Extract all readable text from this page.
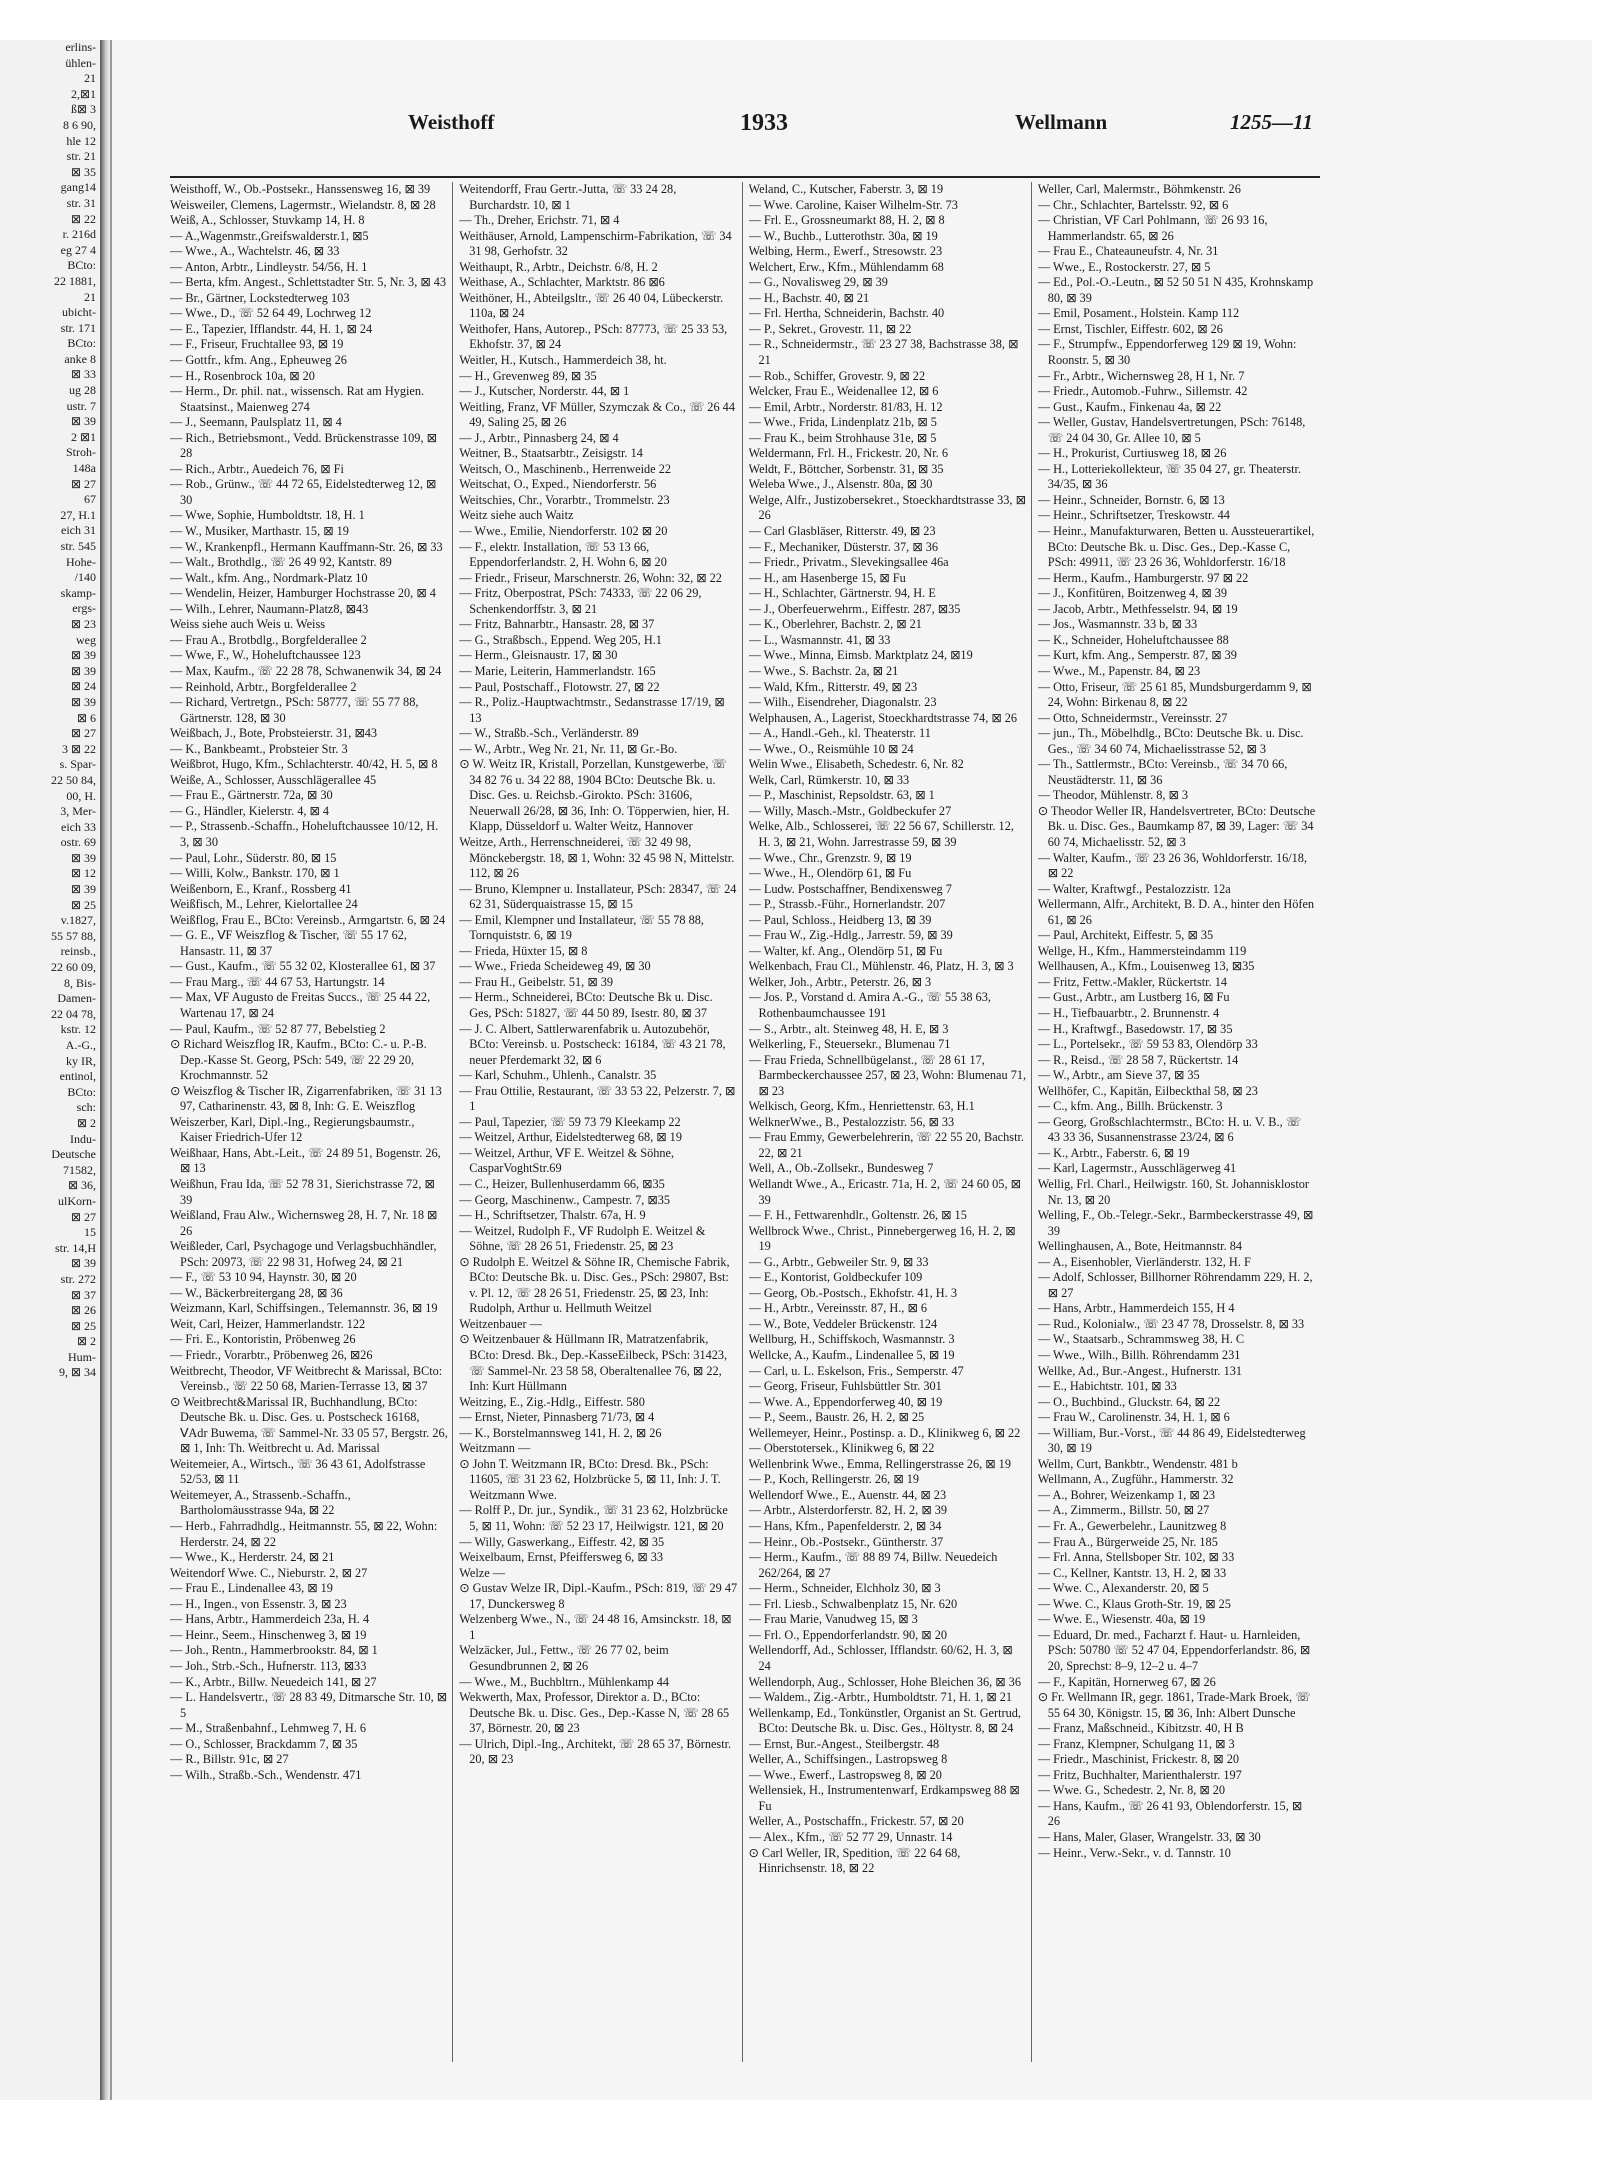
erlins-
ühlen-
21
2,⊠1
ß⊠ 3
8 6 90,
hle 12
str. 21
⊠ 35
gang14
str. 31
⊠ 22
r. 216d
eg 27 4
BCto:
22 1881,
21
ubicht-
str. 171
BCto:
anke 8
⊠ 33
ug 28
ustr. 7
⊠ 39
2 ⊠1
Stroh-
148a
⊠ 27
67
27, H.1
eich 31
str. 545
Hohe-
/140
skamp-
ergs-
⊠ 23
weg
⊠ 39
⊠ 39
⊠ 24
⊠ 39
⊠ 6
⊠ 27
3 ⊠ 22
s. Spar-
22 50 84,
00, H.
3, Mer-
eich 33
ostr. 69
⊠ 39
⊠ 12
⊠ 39
⊠ 25
v.1827,
55 57 88,
reinsb.,
22 60 09,
8, Bis-
Damen-
22 04 78,
kstr. 12
A.-G.,
ky IR,
entinol,
BCto:
sch:
⊠ 2
Indu-
Deutsche
71582,
⊠ 36,
ulKorn-
⊠ 27
15
str. 14,H
⊠ 39
str. 272
⊠ 37
⊠ 26
⊠ 25
⊠ 2
Hum-
9, ⊠ 34
Weisthoff	1933	Wellmann	1255—11

Weisthoff, W., Ob.-Postsekr., Hanssensweg 16, ⊠ 39

Weisweiler, Clemens, Lagermstr., Wielandstr. 8, ⊠ 28

Weiß, A., Schlosser, Stuvkamp 14, H. 8

— A.,Wagenmstr.,Greifswalderstr.1, ⊠5

— Wwe., A., Wachtelstr. 46, ⊠ 33

— Anton, Arbtr., Lindleystr. 54/56, H. 1

— Berta, kfm. Angest., Schlettstadter Str. 5, Nr. 3, ⊠ 43

— Br., Gärtner, Lockstedterweg 103

— Wwe., D., ☏ 52 64 49, Lochrweg 12

— E., Tapezier, Ifflandstr. 44, H. 1, ⊠ 24

— F., Friseur, Fruchtallee 93, ⊠ 19

— Gottfr., kfm. Ang., Epheuweg 26

— H., Rosenbrock 10a, ⊠ 20

— Herm., Dr. phil. nat., wissensch. Rat am Hygien. Staatsinst., Maienweg 274

— J., Seemann, Paulsplatz 11, ⊠ 4

— Rich., Betriebsmont., Vedd. Brückenstrasse 109, ⊠ 28

— Rich., Arbtr., Auedeich 76, ⊠ Fi

— Rob., Grünw., ☏ 44 72 65, Eidelstedterweg 12, ⊠ 30

— Wwe, Sophie, Humboldtstr. 18, H. 1

— W., Musiker, Marthastr. 15, ⊠ 19

— W., Krankenpfl., Hermann Kauffmann-Str. 26, ⊠ 33

— Walt., Brothdlg., ☏ 26 49 92, Kantstr. 89

— Walt., kfm. Ang., Nordmark-Platz 10

— Wendelin, Heizer, Hamburger Hochstrasse 20, ⊠ 4

— Wilh., Lehrer, Naumann-Platz8, ⊠43

Weiss siehe auch Weis u. Weiss

— Frau A., Brotbdlg., Borgfelderallee 2

— Wwe, F., W., Hoheluftchaussee 123

— Max, Kaufm., ☏ 22 28 78, Schwanenwik 34, ⊠ 24

— Reinhold, Arbtr., Borgfelderallee 2

— Richard, Vertretgn., PSch: 58777, ☏ 55 77 88, Gärtnerstr. 128, ⊠ 30

Weißbach, J., Bote, Probsteierstr. 31, ⊠43

— K., Bankbeamt., Probsteier Str. 3

Weißbrot, Hugo, Kfm., Schlachterstr. 40/42, H. 5, ⊠ 8

Weiße, A., Schlosser, Ausschlägerallee 45

— Frau E., Gärtnerstr. 72a, ⊠ 30

— G., Händler, Kielerstr. 4, ⊠ 4

— P., Strassenb.-Schaffn., Hoheluftchaussee 10/12, H. 3, ⊠ 30

— Paul, Lohr., Süderstr. 80, ⊠ 15

— Willi, Kolw., Bankstr. 170, ⊠ 1

Weißenborn, E., Kranf., Rossberg 41

Weißfisch, M., Lehrer, Kielortallee 24

Weißflog, Frau E., BCto: Vereinsb., Armgartstr. 6, ⊠ 24

— G. E., ⅤF Weiszflog & Tischer, ☏ 55 17 62, Hansastr. 11, ⊠ 37

— Gust., Kaufm., ☏ 55 32 02, Klosterallee 61, ⊠ 37

— Frau Marg., ☏ 44 67 53, Hartungstr. 14

— Max, ⅤF Augusto de Freitas Succs., ☏ 25 44 22, Wartenau 17, ⊠ 24

— Paul, Kaufm., ☏ 52 87 77, Bebelstieg 2

⊙ Richard Weiszflog IR, Kaufm., BCto: C.- u. P.-B. Dep.-Kasse St. Georg, PSch: 549, ☏ 22 29 20, Krochmannstr. 52

⊙ Weiszflog & Tischer IR, Zigarrenfabriken, ☏ 31 13 97, Catharinenstr. 43, ⊠ 8, Inh: G. E. Weiszflog

Weiszerber, Karl, Dipl.-Ing., Regierungsbaumstr., Kaiser Friedrich-Ufer 12

Weißhaar, Hans, Abt.-Leit., ☏ 24 89 51, Bogenstr. 26, ⊠ 13

Weißhun, Frau Ida, ☏ 52 78 31, Sierichstrasse 72, ⊠ 39

Weißland, Frau Alw., Wichernsweg 28, H. 7, Nr. 18 ⊠ 26

Weißleder, Carl, Psychagoge und Verlagsbuchhändler, PSch: 20973, ☏ 22 98 31, Hofweg 24, ⊠ 21

— F., ☏ 53 10 94, Haynstr. 30, ⊠ 20

— W., Bäckerbreitergang 28, ⊠ 36

Weizmann, Karl, Schiffsingen., Telemannstr. 36, ⊠ 19

Weit, Carl, Heizer, Hammerlandstr. 122

— Fri. E., Kontoristin, Pröbenweg 26

— Friedr., Vorarbtr., Pröbenweg 26, ⊠26

Weitbrecht, Theodor, ⅤF Weitbrecht & Marissal, BCto: Vereinsb., ☏ 22 50 68, Marien-Terrasse 13, ⊠ 37

⊙ Weitbrecht&Marissal IR, Buchhandlung, BCto: Deutsche Bk. u. Disc. Ges. u. Postscheck 16168, ⅤAdr Buwema, ☏ Sammel-Nr. 33 05 57, Bergstr. 26, ⊠ 1, Inh: Th. Weitbrecht u. Ad. Marissal

Weitemeier, A., Wirtsch., ☏ 36 43 61, Adolfstrasse 52/53, ⊠ 11

Weitemeyer, A., Strassenb.-Schaffn., Bartholomäusstrasse 94a, ⊠ 22

— Herb., Fahrradhdlg., Heitmannstr. 55, ⊠ 22, Wohn: Herderstr. 24, ⊠ 22

— Wwe., K., Herderstr. 24, ⊠ 21

Weitendorf Wwe. C., Nieburstr. 2, ⊠ 27

— Frau E., Lindenallee 43, ⊠ 19

— H., Ingen., von Essenstr. 3, ⊠ 23

— Hans, Arbtr., Hammerdeich 23a, H. 4

— Heinr., Seem., Hinschenweg 3, ⊠ 19

— Joh., Rentn., Hammerbrookstr. 84, ⊠ 1

— Joh., Strb.-Sch., Hufnerstr. 113, ⊠33

— K., Arbtr., Billw. Neuedeich 141, ⊠ 27

— L. Handelsvertr., ☏ 28 83 49, Ditmarsche Str. 10, ⊠ 5

— M., Straßenbahnf., Lehmweg 7, H. 6

— O., Schlosser, Brackdamm 7, ⊠ 35

— R., Billstr. 91c, ⊠ 27

— Wilh., Straßb.-Sch., Wendenstr. 471

Weitendorff, Frau Gertr.-Jutta, ☏ 33 24 28, Burchardstr. 10, ⊠ 1

— Th., Dreher, Erichstr. 71, ⊠ 4

Weithäuser, Arnold, Lampenschirm-Fabrikation, ☏ 34 31 98, Gerhofstr. 32

Weithaupt, R., Arbtr., Deichstr. 6/8, H. 2

Weithase, A., Schlachter, Marktstr. 86 ⊠6

Weithöner, H., Abteilgsltr., ☏ 26 40 04, Lübeckerstr. 110a, ⊠ 24

Weithofer, Hans, Autorep., PSch: 87773, ☏ 25 33 53, Ekhofstr. 37, ⊠ 24

Weitler, H., Kutsch., Hammerdeich 38, ht.

— H., Grevenweg 89, ⊠ 35

— J., Kutscher, Norderstr. 44, ⊠ 1

Weitling, Franz, ⅤF Müller, Szymczak & Co., ☏ 26 44 49, Saling 25, ⊠ 26

— J., Arbtr., Pinnasberg 24, ⊠ 4

Weitner, B., Staatsarbtr., Zeisigstr. 14

Weitsch, O., Maschinenb., Herrenweide 22

Weitschat, O., Exped., Niendorferstr. 56

Weitschies, Chr., Vorarbtr., Trommelstr. 23

Weitz siehe auch Waitz

— Wwe., Emilie, Niendorferstr. 102 ⊠ 20

— F., elektr. Installation, ☏ 53 13 66, Eppendorferlandstr. 2, H. Wohn 6, ⊠ 20

— Friedr., Friseur, Marschnerstr. 26, Wohn: 32, ⊠ 22

— Fritz, Oberpostrat, PSch: 74333, ☏ 22 06 29, Schenkendorffstr. 3, ⊠ 21

— Fritz, Bahnarbtr., Hansastr. 28, ⊠ 37

— G., Straßbsch., Eppend. Weg 205, H.1

— Herm., Gleisnaustr. 17, ⊠ 30

— Marie, Leiterin, Hammerlandstr. 165

— Paul, Postschaff., Flotowstr. 27, ⊠ 22

— R., Poliz.-Hauptwachtmstr., Sedanstrasse 17/19, ⊠ 13

— W., Straßb.-Sch., Verländerstr. 89

— W., Arbtr., Weg Nr. 21, Nr. 11, ⊠ Gr.-Bo.

⊙ W. Weitz IR, Kristall, Porzellan, Kunstgewerbe, ☏ 34 82 76 u. 34 22 88, 1904 BCto: Deutsche Bk. u. Disc. Ges. u. Reichsb.-Girokto. PSch: 31606, Neuerwall 26/28, ⊠ 36, Inh: O. Töpperwien, hier, H. Klapp, Düsseldorf u. Walter Weitz, Hannover

Weitze, Arth., Herrenschneiderei, ☏ 32 49 98, Mönckebergstr. 18, ⊠ 1, Wohn: 32 45 98 N, Mittelstr. 112, ⊠ 26

— Bruno, Klempner u. Installateur, PSch: 28347, ☏ 24 62 31, Süderquaistrasse 15, ⊠ 15

— Emil, Klempner und Installateur, ☏ 55 78 88, Tornquiststr. 6, ⊠ 19

— Frieda, Hüxter 15, ⊠ 8

— Wwe., Frieda Scheideweg 49, ⊠ 30

— Frau H., Geibelstr. 51, ⊠ 39

— Herm., Schneiderei, BCto: Deutsche Bk u. Disc. Ges, PSch: 51827, ☏ 44 50 89, Isestr. 80, ⊠ 37

— J. C. Albert, Sattlerwarenfabrik u. Autozubehör, BCto: Vereinsb. u. Postscheck: 16184, ☏ 43 21 78, neuer Pferdemarkt 32, ⊠ 6

— Karl, Schuhm., Uhlenh., Canalstr. 35

— Frau Ottilie, Restaurant, ☏ 33 53 22, Pelzerstr. 7, ⊠ 1

— Paul, Tapezier, ☏ 59 73 79 Kleekamp 22

— Weitzel, Arthur, Eidelstedterweg 68, ⊠ 19

— Weitzel, Arthur, ⅤF E. Weitzel & Söhne, CasparVoghtStr.69

— C., Heizer, Bullenhuserdamm 66, ⊠35

— Georg, Maschinenw., Campestr. 7, ⊠35

— H., Schriftsetzer, Thalstr. 67a, H. 9

— Weitzel, Rudolph F., ⅤF Rudolph E. Weitzel & Söhne, ☏ 28 26 51, Friedenstr. 25, ⊠ 23

⊙ Rudolph E. Weitzel & Söhne IR, Chemische Fabrik, BCto: Deutsche Bk. u. Disc. Ges., PSch: 29807, Bst: v. Pl. 12, ☏ 28 26 51, Friedenstr. 25, ⊠ 23, Inh: Rudolph, Arthur u. Hellmuth Weitzel

Weitzenbauer —

⊙ Weitzenbauer & Hüllmann IR, Matratzenfabrik, BCto: Dresd. Bk., Dep.-KasseEilbeck, PSch: 31423, ☏ Sammel-Nr. 23 58 58, Oberaltenallee 76, ⊠ 22, Inh: Kurt Hüllmann

Weitzing, E., Zig.-Hdlg., Eiffestr. 580

— Ernst, Nieter, Pinnasberg 71/73, ⊠ 4

— K., Borstelmannsweg 141, H. 2, ⊠ 26

Weitzmann —

⊙ John T. Weitzmann IR, BCto: Dresd. Bk., PSch: 11605, ☏ 31 23 62, Holzbrücke 5, ⊠ 11, Inh: J. T. Weitzmann Wwe.

— Rolff P., Dr. jur., Syndik., ☏ 31 23 62, Holzbrücke 5, ⊠ 11, Wohn: ☏ 52 23 17, Heilwigstr. 121, ⊠ 20

— Willy, Gaswerkang., Eiffestr. 42, ⊠ 35

Weixelbaum, Ernst, Pfeiffersweg 6, ⊠ 33

Welze —

⊙ Gustav Welze IR, Dipl.-Kaufm., PSch: 819, ☏ 29 47 17, Dunckersweg 8

Welzenberg Wwe., N., ☏ 24 48 16, Amsinckstr. 18, ⊠ 1

Welzäcker, Jul., Fettw., ☏ 26 77 02, beim Gesundbrunnen 2, ⊠ 26

— Wwe., M., Buchbltrn., Mühlenkamp 44

Wekwerth, Max, Professor, Direktor a. D., BCto: Deutsche Bk. u. Disc. Ges., Dep.-Kasse N, ☏ 28 65 37, Börnestr. 20, ⊠ 23

— Ulrich, Dipl.-Ing., Architekt, ☏ 28 65 37, Börnestr. 20, ⊠ 23

Weland, C., Kutscher, Faberstr. 3, ⊠ 19

— Wwe. Caroline, Kaiser Wilhelm-Str. 73

— Frl. E., Grossneumarkt 88, H. 2, ⊠ 8

— W., Buchb., Lutterothstr. 30a, ⊠ 19

Welbing, Herm., Ewerf., Stresowstr. 23

Welchert, Erw., Kfm., Mühlendamm 68

— G., Novalisweg 29, ⊠ 39

— H., Bachstr. 40, ⊠ 21

— Frl. Hertha, Schneiderin, Bachstr. 40

— P., Sekret., Grovestr. 11, ⊠ 22

— R., Schneidermstr., ☏ 23 27 38, Bachstrasse 38, ⊠ 21

— Rob., Schiffer, Grovestr. 9, ⊠ 22

Welcker, Frau E., Weidenallee 12, ⊠ 6

— Emil, Arbtr., Norderstr. 81/83, H. 12

— Wwe., Frida, Lindenplatz 21b, ⊠ 5

— Frau K., beim Strohhause 31e, ⊠ 5

Weldermann, Frl. H., Frickestr. 20, Nr. 6

Weldt, F., Böttcher, Sorbenstr. 31, ⊠ 35

Weleba Wwe., J., Alsenstr. 80a, ⊠ 30

Welge, Alfr., Justizobersekret., Stoeckhardtstrasse 33, ⊠ 26

— Carl Glasbläser, Ritterstr. 49, ⊠ 23

— F., Mechaniker, Düsterstr. 37, ⊠ 36

— Friedr., Privatm., Slevekingsallee 46a

— H., am Hasenberge 15, ⊠ Fu

— H., Schlachter, Gärtnerstr. 94, H. E

— J., Oberfeuerwehrm., Eiffestr. 287, ⊠35

— K., Oberlehrer, Bachstr. 2, ⊠ 21

— L., Wasmannstr. 41, ⊠ 33

— Wwe., Minna, Eimsb. Marktplatz 24, ⊠19

— Wwe., S. Bachstr. 2a, ⊠ 21

— Wald, Kfm., Ritterstr. 49, ⊠ 23

— Wilh., Eisendreher, Diagonalstr. 23

Welphausen, A., Lagerist, Stoeckhardtstrasse 74, ⊠ 26

— A., Handl.-Geh., kl. Theaterstr. 11

— Wwe., O., Reismühle 10 ⊠ 24

Welin Wwe., Elisabeth, Schedestr. 6, Nr. 82

Welk, Carl, Rümkerstr. 10, ⊠ 33

— P., Maschinist, Repsoldstr. 63, ⊠ 1

— Willy, Masch.-Mstr., Goldbeckufer 27

Welke, Alb., Schlosserei, ☏ 22 56 67, Schillerstr. 12, H. 3, ⊠ 21, Wohn. Jarrestrasse 59, ⊠ 39

— Wwe., Chr., Grenzstr. 9, ⊠ 19

— Wwe., H., Olendörp 61, ⊠ Fu

— Ludw. Postschaffner, Bendixensweg 7

— P., Strassb.-Führ., Hornerlandstr. 207

— Paul, Schloss., Heidberg 13, ⊠ 39

— Frau W., Zig.-Hdlg., Jarrestr. 59, ⊠ 39

— Walter, kf. Ang., Olendörp 51, ⊠ Fu

Welkenbach, Frau Cl., Mühlenstr. 46, Platz, H. 3, ⊠ 3

Welker, Joh., Arbtr., Peterstr. 26, ⊠ 3

— Jos. P., Vorstand d. Amira A.-G., ☏ 55 38 63, Rothenbaumchaussee 191

— S., Arbtr., alt. Steinweg 48, H. E, ⊠ 3

Welkerling, F., Steuersekr., Blumenau 71

— Frau Frieda, Schnellbügelanst., ☏ 28 61 17, Barmbeckerchaussee 257, ⊠ 23, Wohn: Blumenau 71, ⊠ 23

Welkisch, Georg, Kfm., Henriettenstr. 63, H.1

WelknerWwe., B., Pestalozzistr. 56, ⊠ 33

— Frau Emmy, Gewerbelehrerin, ☏ 22 55 20, Bachstr. 22, ⊠ 21

Well, A., Ob.-Zollsekr., Bundesweg 7

Wellandt Wwe., A., Ericastr. 71a, H. 2, ☏ 24 60 05, ⊠ 39

— F. H., Fettwarenhdlr., Goltenstr. 26, ⊠ 15

Wellbrock Wwe., Christ., Pinnebergerweg 16, H. 2, ⊠ 19

— G., Arbtr., Gebweiler Str. 9, ⊠ 33

— E., Kontorist, Goldbeckufer 109

— Georg, Ob.-Postsch., Ekhofstr. 41, H. 3

— H., Arbtr., Vereinsstr. 87, H., ⊠ 6

— W., Bote, Veddeler Brückenstr. 124

Wellburg, H., Schiffskoch, Wasmannstr. 3

Wellcke, A., Kaufm., Lindenallee 5, ⊠ 19

— Carl, u. L. Eskelson, Fris., Semperstr. 47

— Georg, Friseur, Fuhlsbüttler Str. 301

— Wwe. A., Eppendorferweg 40, ⊠ 19

— P., Seem., Baustr. 26, H. 2, ⊠ 25

Wellemeyer, Heinr., Postinsp. a. D., Klinikweg 6, ⊠ 22

— Oberstotersek., Klinikweg 6, ⊠ 22

Wellenbrink Wwe., Emma, Rellingerstrasse 26, ⊠ 19

— P., Koch, Rellingerstr. 26, ⊠ 19

Wellendorf Wwe., E., Auenstr. 44, ⊠ 23

— Arbtr., Alsterdorferstr. 82, H. 2, ⊠ 39

— Hans, Kfm., Papenfelderstr. 2, ⊠ 34

— Heinr., Ob.-Postsekr., Güntherstr. 37

— Herm., Kaufm., ☏ 88 89 74, Billw. Neuedeich 262/264, ⊠ 27

— Herm., Schneider, Elchholz 30, ⊠ 3

— Frl. Liesb., Schwalbenplatz 15, Nr. 620

— Frau Marie, Vanudweg 15, ⊠ 3

— Frl. O., Eppendorferlandstr. 90, ⊠ 20

Wellendorff, Ad., Schlosser, Ifflandstr. 60/62, H. 3, ⊠ 24

Wellendorph, Aug., Schlosser, Hohe Bleichen 36, ⊠ 36

— Waldem., Zig.-Arbtr., Humboldtstr. 71, H. 1, ⊠ 21

Wellenkamp, Ed., Tonkünstler, Organist an St. Gertrud, BCto: Deutsche Bk. u. Disc. Ges., Höltystr. 8, ⊠ 24

— Ernst, Bur.-Angest., Steilbergstr. 48

Weller, A., Schiffsingen., Lastropsweg 8

— Wwe., Ewerf., Lastropsweg 8, ⊠ 20

Wellensiek, H., Instrumentenwarf, Erdkampsweg 88 ⊠ Fu

Weller, A., Postschaffn., Frickestr. 57, ⊠ 20

— Alex., Kfm., ☏ 52 77 29, Unnastr. 14

⊙ Carl Weller, IR, Spedition, ☏ 22 64 68, Hinrichsenstr. 18, ⊠ 22

Weller, Carl, Malermstr., Böhmkenstr. 26

— Chr., Schlachter, Bartelsstr. 92, ⊠ 6

— Christian, ⅤF Carl Pohlmann, ☏ 26 93 16, Hammerlandstr. 65, ⊠ 26

— Frau E., Chateauneufstr. 4, Nr. 31

— Wwe., E., Rostockerstr. 27, ⊠ 5

— Ed., Pol.-O.-Leutn., ⊠ 52 50 51 N 435, Krohnskamp 80, ⊠ 39

— Emil, Posament., Holstein. Kamp 112

— Ernst, Tischler, Eiffestr. 602, ⊠ 26

— F., Strumpfw., Eppendorferweg 129 ⊠ 19, Wohn: Roonstr. 5, ⊠ 30

— Fr., Arbtr., Wichernsweg 28, H 1, Nr. 7

— Friedr., Automob.-Fuhrw., Sillemstr. 42

— Gust., Kaufm., Finkenau 4a, ⊠ 22

— Weller, Gustav, Handelsvertretungen, PSch: 76148, ☏ 24 04 30, Gr. Allee 10, ⊠ 5

— H., Prokurist, Curtiusweg 18, ⊠ 26

— H., Lotteriekollekteur, ☏ 35 04 27, gr. Theaterstr. 34/35, ⊠ 36

— Heinr., Schneider, Bornstr. 6, ⊠ 13

— Heinr., Schriftsetzer, Treskowstr. 44

— Heinr., Manufakturwaren, Betten u. Aussteuerartikel, BCto: Deutsche Bk. u. Disc. Ges., Dep.-Kasse C, PSch: 49911, ☏ 23 26 36, Wohldorferstr. 16/18

— Herm., Kaufm., Hamburgerstr. 97 ⊠ 22

— J., Konfitüren, Boitzenweg 4, ⊠ 39

— Jacob, Arbtr., Methfesselstr. 94, ⊠ 19

— Jos., Wasmannstr. 33 b, ⊠ 33

— K., Schneider, Hoheluftchaussee 88

— Kurt, kfm. Ang., Semperstr. 87, ⊠ 39

— Wwe., M., Papenstr. 84, ⊠ 23

— Otto, Friseur, ☏ 25 61 85, Mundsburgerdamm 9, ⊠ 24, Wohn: Birkenau 8, ⊠ 22

— Otto, Schneidermstr., Vereinsstr. 27

— jun., Th., Möbelhdlg., BCto: Deutsche Bk. u. Disc. Ges., ☏ 34 60 74, Michaelisstrasse 52, ⊠ 3

— Th., Sattlermstr., BCto: Vereinsb., ☏ 34 70 66, Neustädterstr. 11, ⊠ 36

— Theodor, Mühlenstr. 8, ⊠ 3

⊙ Theodor Weller IR, Handelsvertreter, BCto: Deutsche Bk. u. Disc. Ges., Baumkamp 87, ⊠ 39, Lager: ☏ 34 60 74, Michaelisstr. 52, ⊠ 3

— Walter, Kaufm., ☏ 23 26 36, Wohldorferstr. 16/18, ⊠ 22

— Walter, Kraftwgf., Pestalozzistr. 12a

Wellermann, Alfr., Architekt, B. D. A., hinter den Höfen 61, ⊠ 26

— Paul, Architekt, Eiffestr. 5, ⊠ 35

Wellge, H., Kfm., Hammersteindamm 119

Wellhausen, A., Kfm., Louisenweg 13, ⊠35

— Fritz, Fettw.-Makler, Rückertstr. 14

— Gust., Arbtr., am Lustberg 16, ⊠ Fu

— H., Tiefbauarbtr., 2. Brunnenstr. 4

— H., Kraftwgf., Basedowstr. 17, ⊠ 35

— L., Portelsekr., ☏ 59 53 83, Olendörp 33

— R., Reisd., ☏ 28 58 7, Rückertstr. 14

— W., Arbtr., am Sieve 37, ⊠ 35

Wellhöfer, C., Kapitän, Eilbeckthal 58, ⊠ 23

— C., kfm. Ang., Billh. Brückenstr. 3

— Georg, Großschlachtermstr., BCto: H. u. V. B., ☏ 43 33 36, Susannenstrasse 23/24, ⊠ 6

— K., Arbtr., Faberstr. 6, ⊠ 19

— Karl, Lagermstr., Ausschlägerweg 41

Wellig, Frl. Charl., Heilwigstr. 160, St. Johannisklostor Nr. 13, ⊠ 20

Welling, F., Ob.-Telegr.-Sekr., Barmbeckerstrasse 49, ⊠ 39

Wellinghausen, A., Bote, Heitmannstr. 84

— A., Eisenhobler, Vierländerstr. 132, H. F

— Adolf, Schlosser, Billhorner Röhrendamm 229, H. 2, ⊠ 27

— Hans, Arbtr., Hammerdeich 155, H 4

— Rud., Kolonialw., ☏ 23 47 78, Drosselstr. 8, ⊠ 33

— W., Staatsarb., Schrammsweg 38, H. C

— Wwe., Wilh., Billh. Röhrendamm 231

Wellke, Ad., Bur.-Angest., Hufnerstr. 131

— E., Habichtstr. 101, ⊠ 33

— O., Buchbind., Gluckstr. 64, ⊠ 22

— Frau W., Carolinenstr. 34, H. 1, ⊠ 6

— William, Bur.-Vorst., ☏ 44 86 49, Eidelstedterweg 30, ⊠ 19

Wellm, Curt, Bankbtr., Wendenstr. 481 b

Wellmann, A., Zugführ., Hammerstr. 32

— A., Bohrer, Weizenkamp 1, ⊠ 23

— A., Zimmerm., Billstr. 50, ⊠ 27

— Fr. A., Gewerbelehr., Launitzweg 8

— Frau A., Bürgerweide 25, Nr. 185

— Frl. Anna, Stellsboper Str. 102, ⊠ 33

— C., Kellner, Kantstr. 13, H. 2, ⊠ 33

— Wwe. C., Alexanderstr. 20, ⊠ 5

— Wwe. C., Klaus Groth-Str. 19, ⊠ 25

— Wwe. E., Wiesenstr. 40a, ⊠ 19

— Eduard, Dr. med., Facharzt f. Haut- u. Harnleiden, PSch: 50780 ☏ 52 47 04, Eppendorferlandstr. 86, ⊠ 20, Sprechst: 8–9, 12–2 u. 4–7

— F., Kapitän, Hornerweg 67, ⊠ 26

⊙ Fr. Wellmann IR, gegr. 1861, Trade-Mark Broek, ☏ 55 64 30, Königstr. 15, ⊠ 36, Inh: Albert Dunsche

— Franz, Maßschneid., Kibitzstr. 40, H B

— Franz, Klempner, Schulgang 11, ⊠ 3

— Friedr., Maschinist, Frickestr. 8, ⊠ 20

— Fritz, Buchhalter, Marienthalerstr. 197

— Wwe. G., Schedestr. 2, Nr. 8, ⊠ 20

— Hans, Kaufm., ☏ 26 41 93, Oblendorferstr. 15, ⊠ 26

— Hans, Maler, Glaser, Wrangelstr. 33, ⊠ 30

— Heinr., Verw.-Sekr., v. d. Tannstr. 10
